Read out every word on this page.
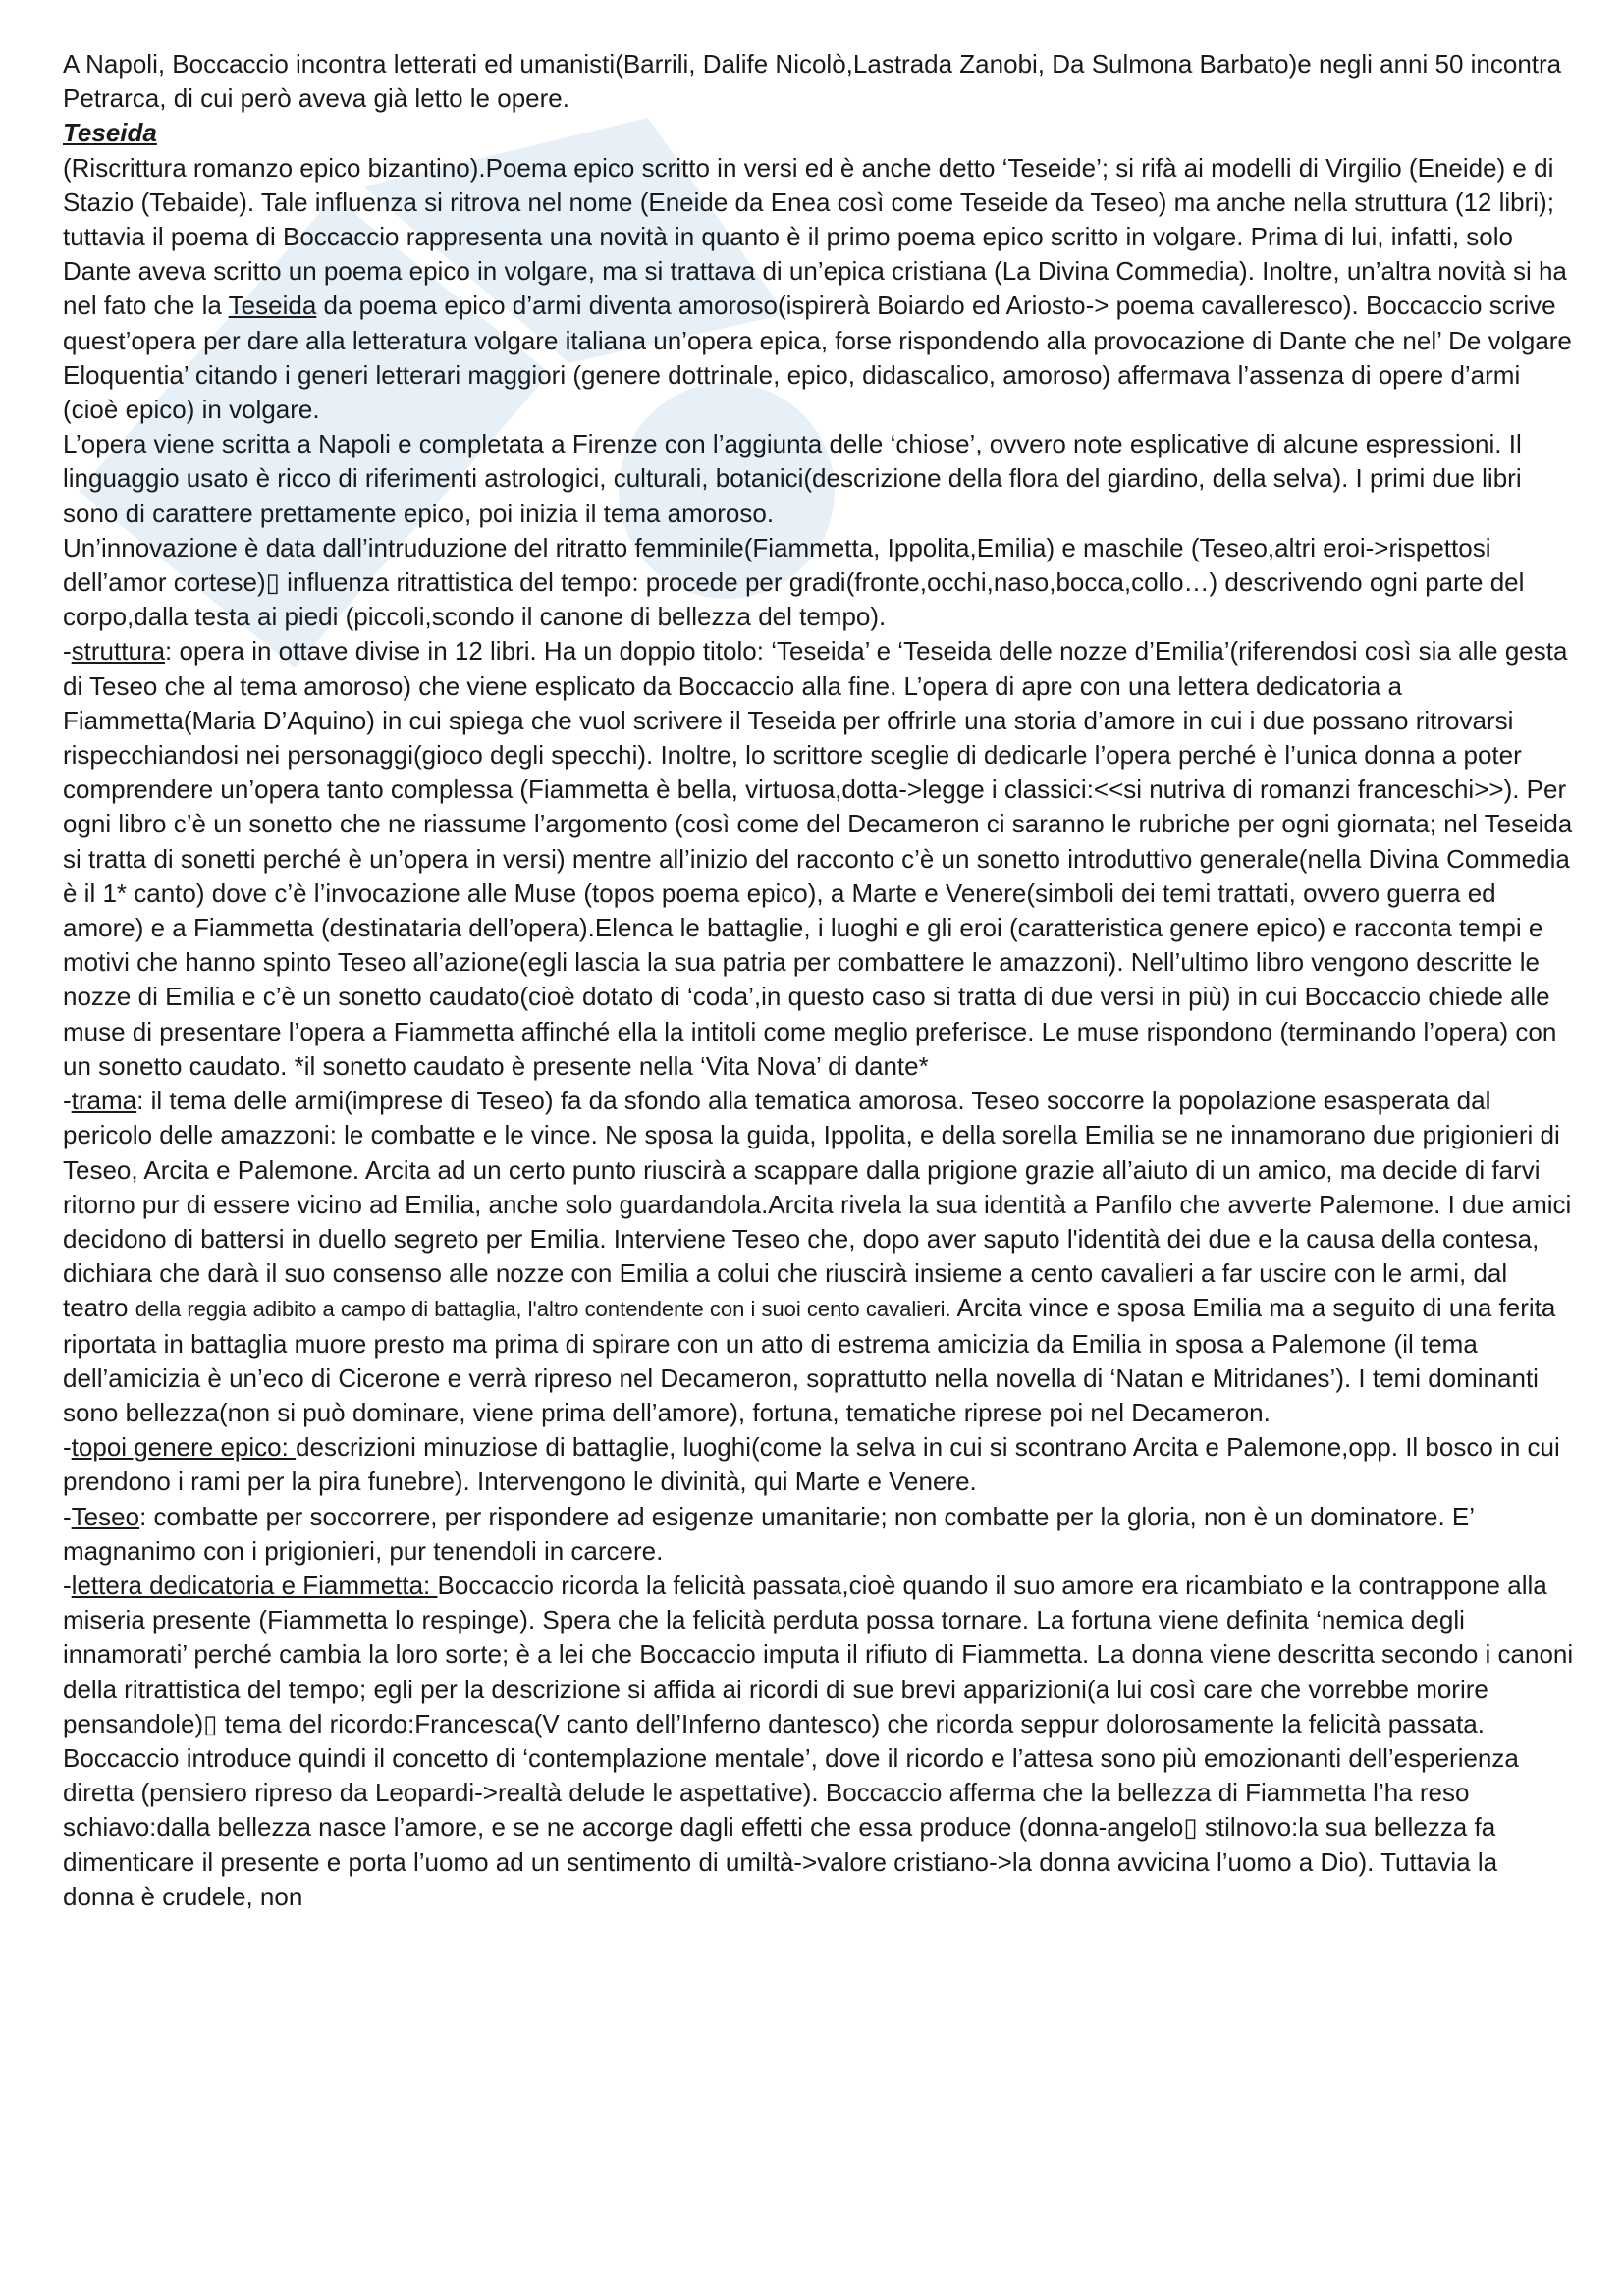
A Napoli, Boccaccio incontra letterati ed umanisti(Barrili, Dalife Nicolò,Lastrada Zanobi, Da Sulmona Barbato)e negli anni 50 incontra Petrarca, di cui però aveva già letto le opere.

Teseida

(Riscrittura romanzo epico bizantino).Poema epico scritto in versi ed è anche detto ‘Teseide’; si rifà ai modelli di Virgilio (Eneide) e di Stazio (Tebaide). Tale influenza si ritrova nel nome (Eneide da Enea così come Teseide da Teseo) ma anche nella struttura (12 libri); tuttavia il poema di Boccaccio rappresenta una novità in quanto è il primo poema epico scritto in volgare. Prima di lui, infatti, solo Dante aveva scritto un poema epico in volgare, ma si trattava di un’epica cristiana (La Divina Commedia). Inoltre, un’altra novità si ha nel fato che la Teseida da poema epico d’armi diventa amoroso(ispirerà Boiardo ed Ariosto-> poema cavalleresco). Boccaccio scrive quest’opera per dare alla letteratura volgare italiana un’opera epica, forse rispondendo alla provocazione di Dante che nel’ De volgare Eloquentia’ citando i generi letterari maggiori (genere dottrinale, epico, didascalico, amoroso) affermava l’assenza di opere d’armi (cioè epico) in volgare.

L’opera viene scritta a Napoli e completata a Firenze con l’aggiunta delle ‘chiose’, ovvero note esplicative di alcune espressioni. Il linguaggio usato è ricco di riferimenti astrologici, culturali, botanici(descrizione della flora del giardino, della selva). I primi due libri sono di carattere prettamente epico, poi inizia il tema amoroso.

Un’innovazione è data dall’intruduzione del ritratto femminile(Fiammetta, Ippolita,Emilia) e maschile (Teseo,altri eroi->rispettosi dell’amor cortese)▯ influenza ritrattistica del tempo: procede per gradi(fronte,occhi,naso,bocca,collo…) descrivendo ogni parte del corpo,dalla testa ai piedi (piccoli,scondo il canone di bellezza del tempo).

-struttura: opera in ottave divise in 12 libri. Ha un doppio titolo: ‘Teseida’ e ‘Teseida delle nozze d’Emilia’(riferendosi così sia alle gesta di Teseo che al tema amoroso) che viene esplicato da Boccaccio alla fine. L’opera di apre con una lettera dedicatoria a Fiammetta(Maria D’Aquino) in cui spiega che vuol scrivere il Teseida per offrirle una storia d’amore in cui i due possano ritrovarsi rispecchiandosi nei personaggi(gioco degli specchi). Inoltre, lo scrittore sceglie di dedicarle l’opera perché è l’unica donna a poter comprendere un’opera tanto complessa (Fiammetta è bella, virtuosa,dotta->legge i classici:<<si nutriva di romanzi franceschi>>). Per ogni libro c’è un sonetto che ne riassume l’argomento (così come del Decameron ci saranno le rubriche per ogni giornata; nel Teseida si tratta di sonetti perché è un’opera in versi) mentre all’inizio del racconto c’è un sonetto introduttivo generale(nella Divina Commedia è il 1* canto) dove c’è l’invocazione alle Muse (topos poema epico), a Marte e Venere(simboli dei temi trattati, ovvero guerra ed amore) e a Fiammetta (destinataria dell’opera).Elenca le battaglie, i luoghi e gli eroi (caratteristica genere epico) e racconta tempi e motivi che hanno spinto Teseo all’azione(egli lascia la sua patria per combattere le amazzoni). Nell’ultimo libro vengono descritte le nozze di Emilia e c’è un sonetto caudato(cioè dotato di ‘coda’,in questo caso si tratta di due versi in più) in cui Boccaccio chiede alle muse di presentare l’opera a Fiammetta affinché ella la intitoli come meglio preferisce. Le muse rispondono (terminando l’opera) con un sonetto caudato. *il sonetto caudato è presente nella ‘Vita Nova’ di dante*

-trama: il tema delle armi(imprese di Teseo) fa da sfondo alla tematica amorosa. Teseo soccorre la popolazione esasperata dal pericolo delle amazzoni: le combatte e le vince. Ne sposa la guida, Ippolita, e della sorella Emilia se ne innamorano due prigionieri di Teseo, Arcita e Palemone. Arcita ad un certo punto riuscirà a scappare dalla prigione grazie all’aiuto di un amico, ma decide di farvi ritorno pur di essere vicino ad Emilia, anche solo guardandola.Arcita rivela la sua identità a Panfilo che avverte Palemone. I due amici decidono di battersi in duello segreto per Emilia. Interviene Teseo che, dopo aver saputo l'identità dei due e la causa della contesa, dichiara che darà il suo consenso alle nozze con Emilia a colui che riuscirà insieme a cento cavalieri a far uscire con le armi, dal teatro della reggia adibito a campo di battaglia, l'altro contendente con i suoi cento cavalieri. Arcita vince e sposa Emilia ma a seguito di una ferita riportata in battaglia muore presto ma prima di spirare con un atto di estrema amicizia da Emilia in sposa a Palemone (il tema dell’amicizia è un’eco di Cicerone e verrà ripreso nel Decameron, soprattutto nella novella di ‘Natan e Mitridanes’). I temi dominanti sono bellezza(non si può dominare, viene prima dell’amore), fortuna, tematiche riprese poi nel Decameron.

-topoi genere epico: descrizioni minuziose di battaglie, luoghi(come la selva in cui si scontrano Arcita e Palemone,opp. Il bosco in cui prendono i rami per la pira funebre). Intervengono le divinità, qui Marte e Venere.

-Teseo: combatte per soccorrere, per rispondere ad esigenze umanitarie; non combatte per la gloria, non è un dominatore. E’ magnanimo con i prigionieri, pur tenendoli in carcere.

-lettera dedicatoria e Fiammetta: Boccaccio ricorda la felicità passata,cioè quando il suo amore era ricambiato e la contrappone alla miseria presente (Fiammetta lo respinge). Spera che la felicità perduta possa tornare. La fortuna viene definita ‘nemica degli innamorati’ perché cambia la loro sorte; è a lei che Boccaccio imputa il rifiuto di Fiammetta. La donna viene descritta secondo i canoni della ritrattistica del tempo; egli per la descrizione si affida ai ricordi di sue brevi apparizioni(a lui così care che vorrebbe morire pensandole)▯ tema del ricordo:Francesca(V canto dell’Inferno dantesco) che ricorda seppur dolorosamente la felicità passata. Boccaccio introduce quindi il concetto di ‘contemplazione mentale’, dove il ricordo e l’attesa sono più emozionanti dell’esperienza diretta (pensiero ripreso da Leopardi->realtà delude le aspettative). Boccaccio afferma che la bellezza di Fiammetta l’ha reso schiavo:dalla bellezza nasce l’amore, e se ne accorge dagli effetti che essa produce (donna-angelo▯ stilnovo:la sua bellezza fa dimenticare il presente e porta l’uomo ad un sentimento di umiltà->valore cristiano->la donna avvicina l’uomo a Dio). Tuttavia la donna è crudele, non
